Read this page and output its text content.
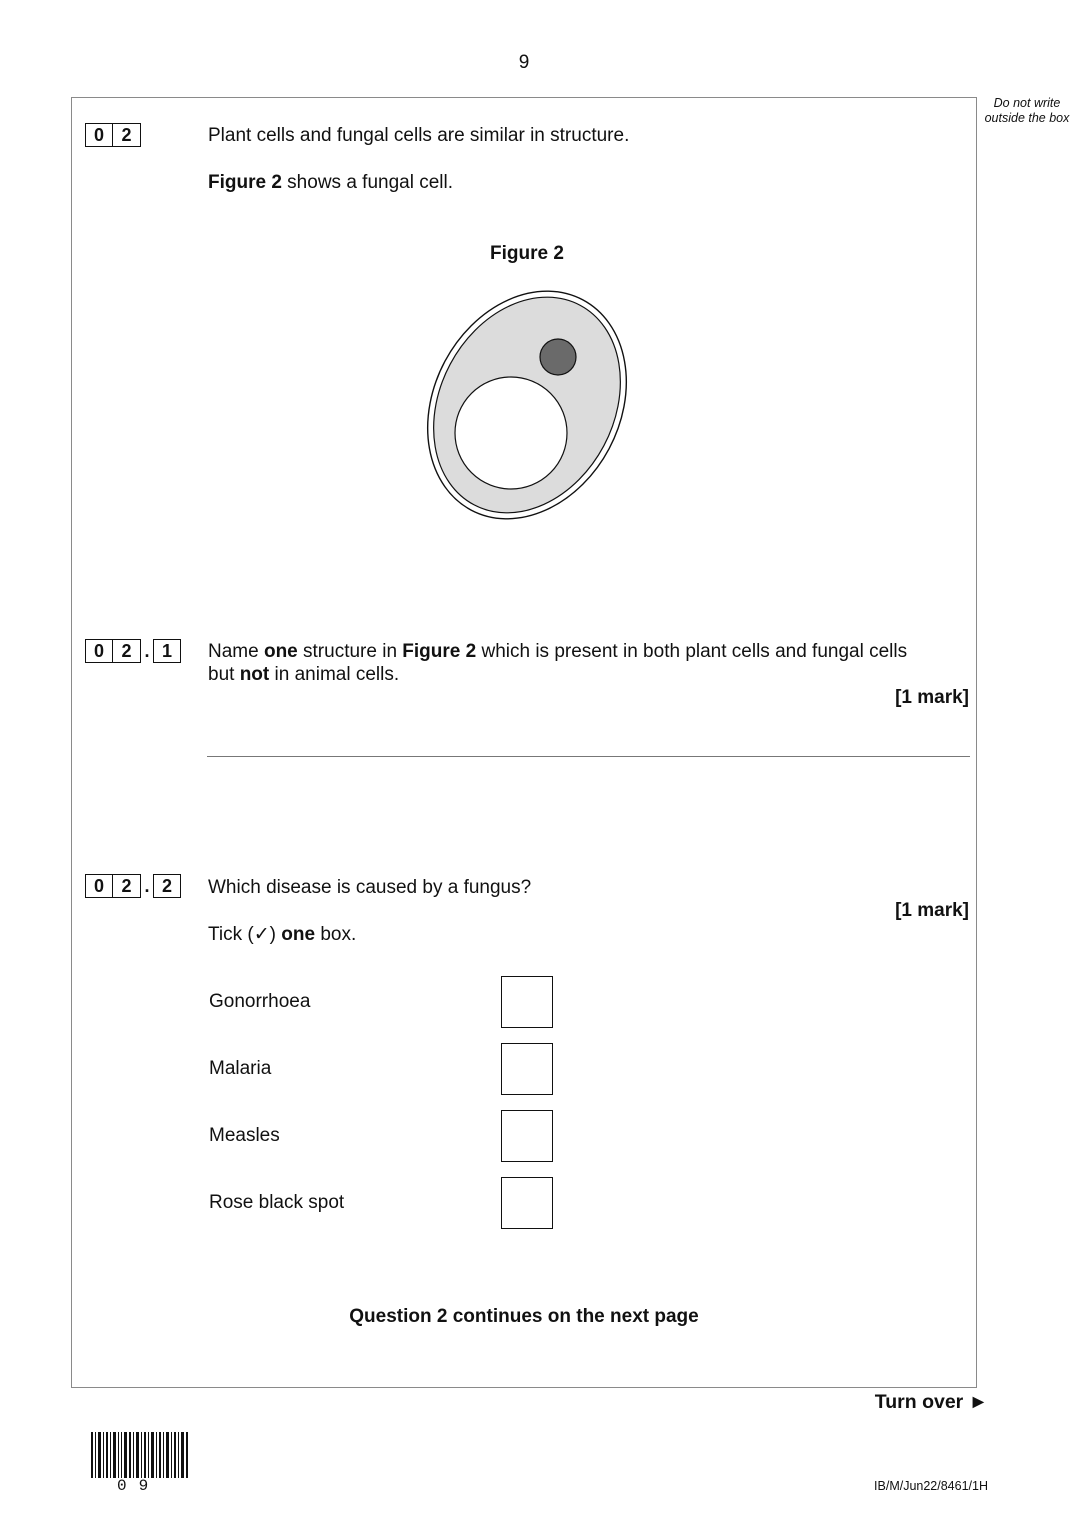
9
Do not write outside the box
0 2	Plant cells and fungal cells are similar in structure.
Figure 2 shows a fungal cell.
Figure 2
0 2 . 1	Name one structure in Figure 2 which is present in both plant cells and fungal cells
but not in animal cells.
[1 mark]
0 2 . 2	Which disease is caused by a fungus?
[1 mark]
Tick (✓) one box.
Gonorrhoea
Malaria
Measles
Rose black spot
Question 2 continues on the next page
Turn over ►
09	IB/M/Jun22/8461/1H
